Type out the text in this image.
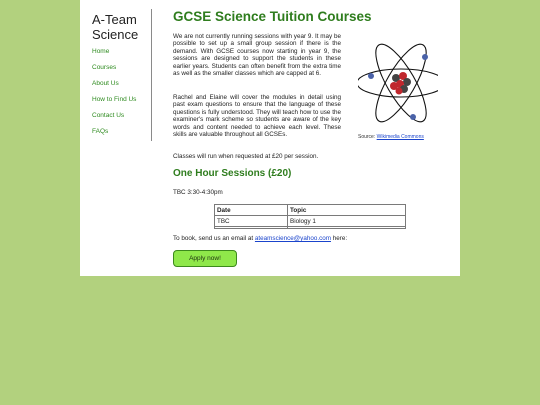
A-Team
Science
Home
Courses
About Us
How to Find Us
Contact Us
FAQs
GCSE Science Tuition Courses

We are not currently running sessions with year 9. It may be possible to set up a small group session if there is the demand. With GCSE courses now starting in year 9, the sessions are designed to support the students in these earlier years. Students can often benefit from the extra time as well as the smaller classes which are capped at 6.

Rachel and Elaine will cover the modules in detail using past exam questions to ensure that the language of these questions is fully understood. They will teach how to use the examiner's mark scheme so students are aware of the key words and content needed to achieve each level. These skills are valuable throughout all GCSEs.

Classes will run when requested at £20 per session.

Source: Wikimedia Commons
One Hour Sessions (£20)
TBC 3:30-4:30pm
Date	Topic
TBC	Biology 1

To book, send us an email at ateamscience@yahoo.com here:
Apply now!
